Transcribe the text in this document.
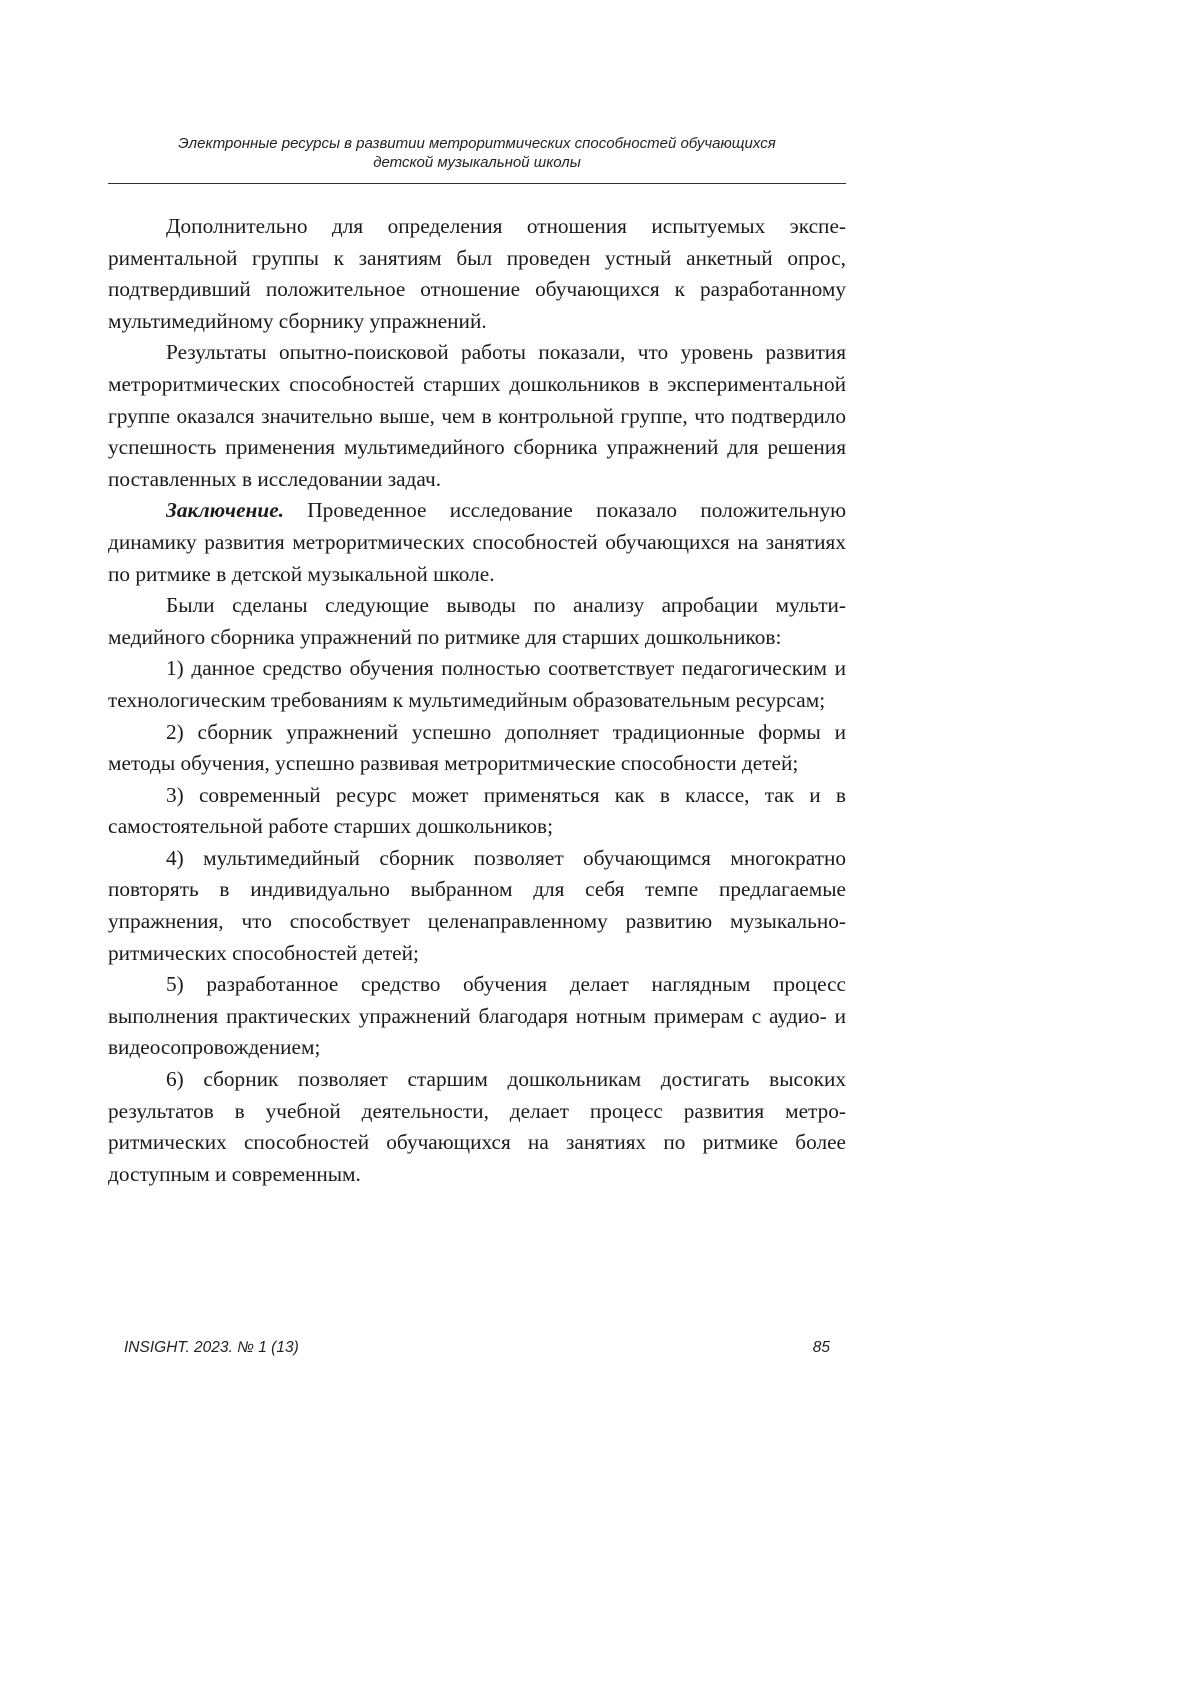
Электронные ресурсы в развитии метроритмических способностей обучающихся
детской музыкальной школы

Дополнительно для определения отношения испытуемых экспериментальной группы к занятиям был проведен устный анкетный опрос, подтвердивший положительное отношение обучающихся к разработанному мультимедийному сборнику упражнений.

Результаты опытно-поисковой работы показали, что уровень развития метроритмических способностей старших дошкольников в экспериментальной группе оказался значительно выше, чем в контрольной группе, что подтвердило успешность применения мультимедийного сборника упражнений для решения поставленных в исследовании задач.

Заключение. Проведенное исследование показало положительную динамику развития метроритмических способностей обучающихся на занятиях по ритмике в детской музыкальной школе.

Были сделаны следующие выводы по анализу апробации мультимедийного сборника упражнений по ритмике для старших дошкольников:

1) данное средство обучения полностью соответствует педагогическим и технологическим требованиям к мультимедийным образовательным ресурсам;

2) сборник упражнений успешно дополняет традиционные формы и методы обучения, успешно развивая метроритмические способности детей;

3) современный ресурс может применяться как в классе, так и в самостоятельной работе старших дошкольников;

4) мультимедийный сборник позволяет обучающимся многократно повторять в индивидуально выбранном для себя темпе предлагаемые упражнения, что способствует целенаправленному развитию музыкально-ритмических способностей детей;

5) разработанное средство обучения делает наглядным процесс выполнения практических упражнений благодаря нотным примерам с аудио- и видеосопровождением;

6) сборник позволяет старшим дошкольникам достигать высоких результатов в учебной деятельности, делает процесс развития метроритмических способностей обучающихся на занятиях по ритмике более доступным и современным.

INSIGHT. 2023. № 1 (13)	85
